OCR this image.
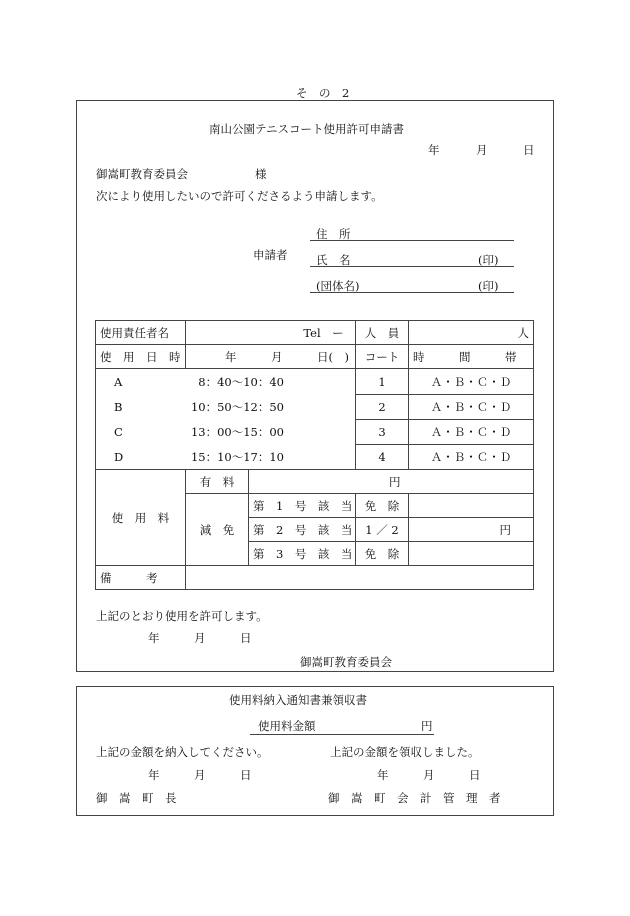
そ　の　2
南山公園テニスコート使用許可申請書
年	月	日
御嵩町教育委員会	様
次により使用したいので許可くださるよう申請します。
申請者
住　所
氏　名	(印)
(団体名)	(印)
使用責任者名	Tel　ー		人　員	人
使　用　日　時	年　　　月　　　日(　)		コート	時　　　間　　　帯
A 8：40～10：40			1	Ａ・Ｂ・Ｃ・Ｄ
B 10：50～12：50			2	Ａ・Ｂ・Ｃ・Ｄ
C 13：00～15：00			3	Ａ・Ｂ・Ｃ・Ｄ
D 15：10～17：10			4	Ａ・Ｂ・Ｃ・Ｄ
使　用　料	有　料	円		
	減　免	第　1　号　該　当	免　除	
		第　2　号　該　当	1 ／ 2	円
		第　3　号　該　当	免　除	
備　　　考				
上記のとおり使用を許可します。
年　　　月　　　日
御嵩町教育委員会
使用料納入通知書兼領収書
使用料金額	円
上記の金額を納入してください。	上記の金額を領収しました。
年　　　月　　　日	年　　　月　　　日
御　嵩　町　長	御　嵩　町　会　計　管　理　者
